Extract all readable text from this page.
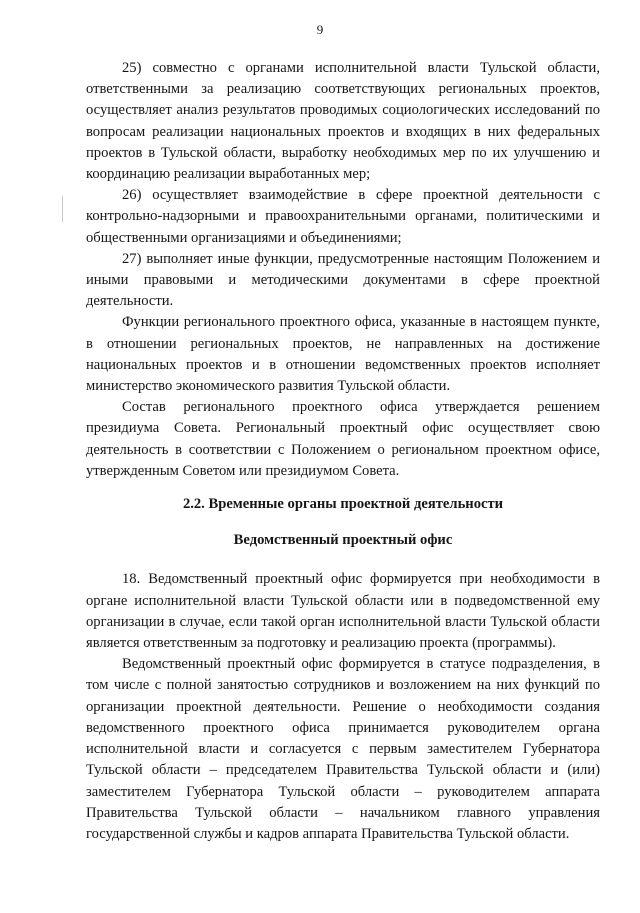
9

25) совместно с органами исполнительной власти Тульской области, ответственными за реализацию соответствующих региональных проектов, осуществляет анализ результатов проводимых социологических исследований по вопросам реализации национальных проектов и входящих в них федеральных проектов в Тульской области, выработку необходимых мер по их улучшению и координацию реализации выработанных мер;

26) осуществляет взаимодействие в сфере проектной деятельности с контрольно-надзорными и правоохранительными органами, политическими и общественными организациями и объединениями;

27) выполняет иные функции, предусмотренные настоящим Положением и иными правовыми и методическими документами в сфере проектной деятельности.

Функции регионального проектного офиса, указанные в настоящем пункте, в отношении региональных проектов, не направленных на достижение национальных проектов и в отношении ведомственных проектов исполняет министерство экономического развития Тульской области.

Состав регионального проектного офиса утверждается решением президиума Совета. Региональный проектный офис осуществляет свою деятельность в соответствии с Положением о региональном проектном офисе, утвержденным Советом или президиумом Совета.

2.2. Временные органы проектной деятельности

Ведомственный проектный офис

18. Ведомственный проектный офис формируется при необходимости в органе исполнительной власти Тульской области или в подведомственной ему организации в случае, если такой орган исполнительной власти Тульской области является ответственным за подготовку и реализацию проекта (программы).

Ведомственный проектный офис формируется в статусе подразделения, в том числе с полной занятостью сотрудников и возложением на них функций по организации проектной деятельности. Решение о необходимости создания ведомственного проектного офиса принимается руководителем органа исполнительной власти и согласуется с первым заместителем Губернатора Тульской области – председателем Правительства Тульской области и (или) заместителем Губернатора Тульской области – руководителем аппарата Правительства Тульской области – начальником главного управления государственной службы и кадров аппарата Правительства Тульской области.
